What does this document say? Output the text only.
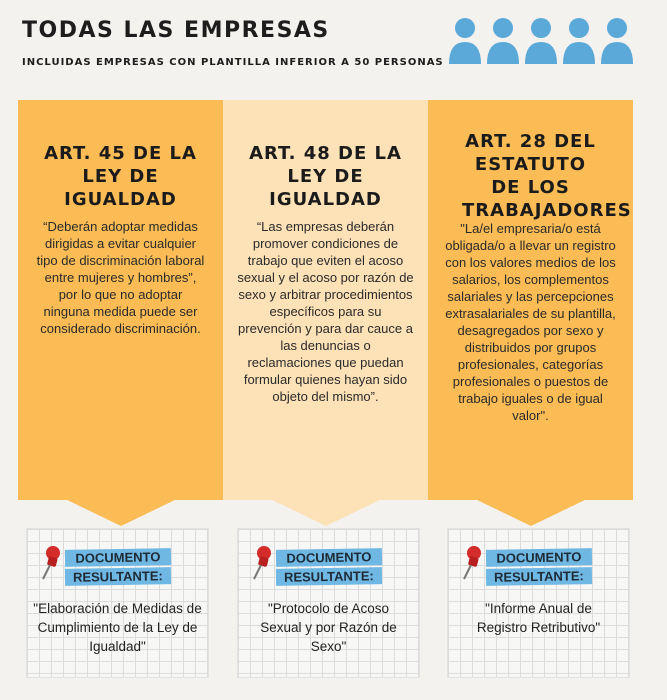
TODAS LAS EMPRESAS
INCLUIDAS EMPRESAS CON PLANTILLA INFERIOR A 50 PERSONAS
ART. 45 DE LA LEY DE IGUALDAD
“Deberán adoptar medidas dirigidas a evitar cualquier tipo de discriminación laboral entre mujeres y hombres”, por lo que no adoptar ninguna medida puede ser considerado discriminación.
ART. 48 DE LA LEY DE IGUALDAD
“Las empresas deberán promover condiciones de trabajo que eviten el acoso sexual y el acoso por razón de sexo y arbitrar procedimientos específicos para su prevención y para dar cauce a las denuncias o reclamaciones que puedan formular quienes hayan sido objeto del mismo”.
ART. 28 DEL ESTATUTO DE LOS TRABAJADORES
"La/el empresaria/o está obligada/o a llevar un registro con los valores medios de los salarios, los complementos salariales y las percepciones extrasalariales de su plantilla, desagregados por sexo y distribuidos por grupos profesionales, categorías profesionales o puestos de trabajo iguales o de igual valor".
DOCUMENTO
RESULTANTE:
"Elaboración de Medidas de Cumplimiento de la Ley de Igualdad"
DOCUMENTO
RESULTANTE:
"Protocolo de Acoso Sexual y por Razón de Sexo"
DOCUMENTO
RESULTANTE:
"Informe Anual de Registro Retributivo"
